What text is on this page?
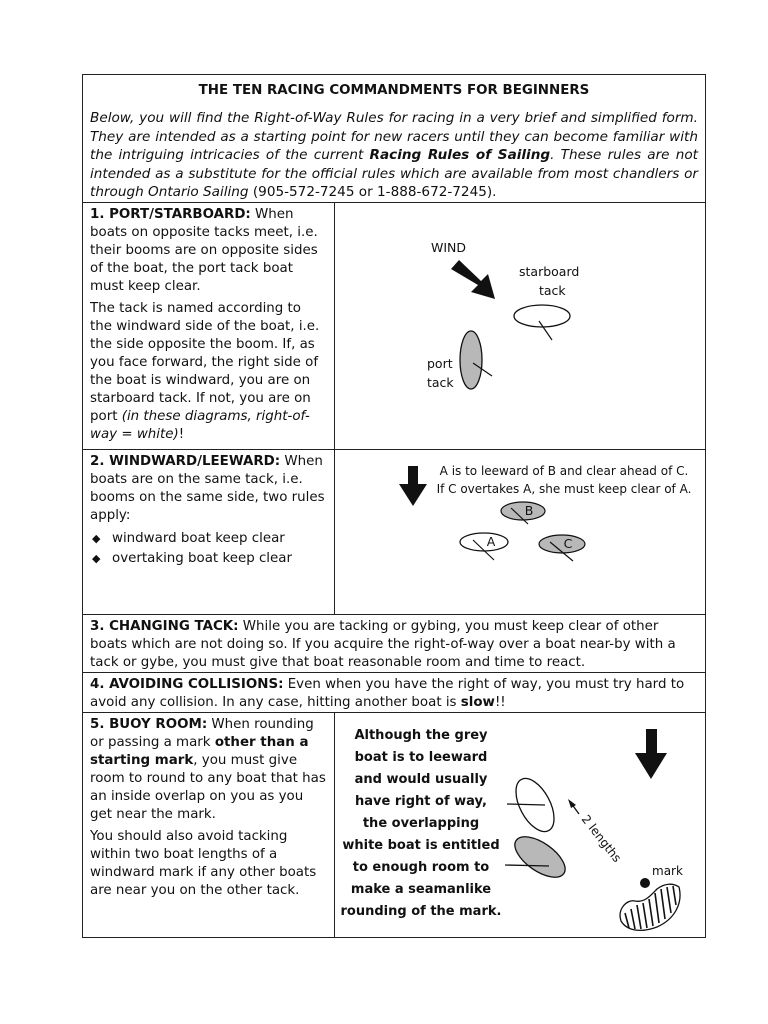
THE TEN RACING COMMANDMENTS FOR BEGINNERS

Below, you will find the Right-of-Way Rules for racing in a very brief and simplified form. They are intended as a starting point for new racers until they can become familiar with the intriguing intricacies of the current Racing Rules of Sailing. These rules are not intended as a substitute for the official rules which are available from most chandlers or through Ontario Sailing (905-572-7245 or 1-888-672-7245).

1. PORT/STARBOARD: When boats on opposite tacks meet, i.e. their booms are on opposite sides of the boat, the port tack boat must keep clear.

The tack is named according to the windward side of the boat, i.e. the side opposite the boom. If, as you face forward, the right side of the boat is windward, you are on starboard tack. If not, you are on port (in these diagrams, right-of-way = white)!

WIND
starboard
tack
port
tack

2. WINDWARD/LEEWARD: When boats are on the same tack, i.e. booms on the same side, two rules apply:

◆ windward boat keep clear
◆ overtaking boat keep clear
A is to leeward of B and clear ahead of C.
If C overtakes A, she must keep clear of A.
B
A	C

3. CHANGING TACK: While you are tacking or gybing, you must keep clear of other boats which are not doing so. If you acquire the right-of-way over a boat near-by with a tack or gybe, you must give that boat reasonable room and time to react.

4. AVOIDING COLLISIONS: Even when you have the right of way, you must try hard to avoid any collision. In any case, hitting another boat is slow!!

5. BUOY ROOM: When rounding or passing a mark other than a starting mark, you must give room to round to any boat that has an inside overlap on you as you get near the mark.

You should also avoid tacking within two boat lengths of a windward mark if any other boats are near you on the other tack.

Although the grey
boat is to leeward
and would usually
have right of way,
the overlapping
white boat is entitled
to enough room to
make a seamanlike
rounding of the mark.
2 lengths
mark
